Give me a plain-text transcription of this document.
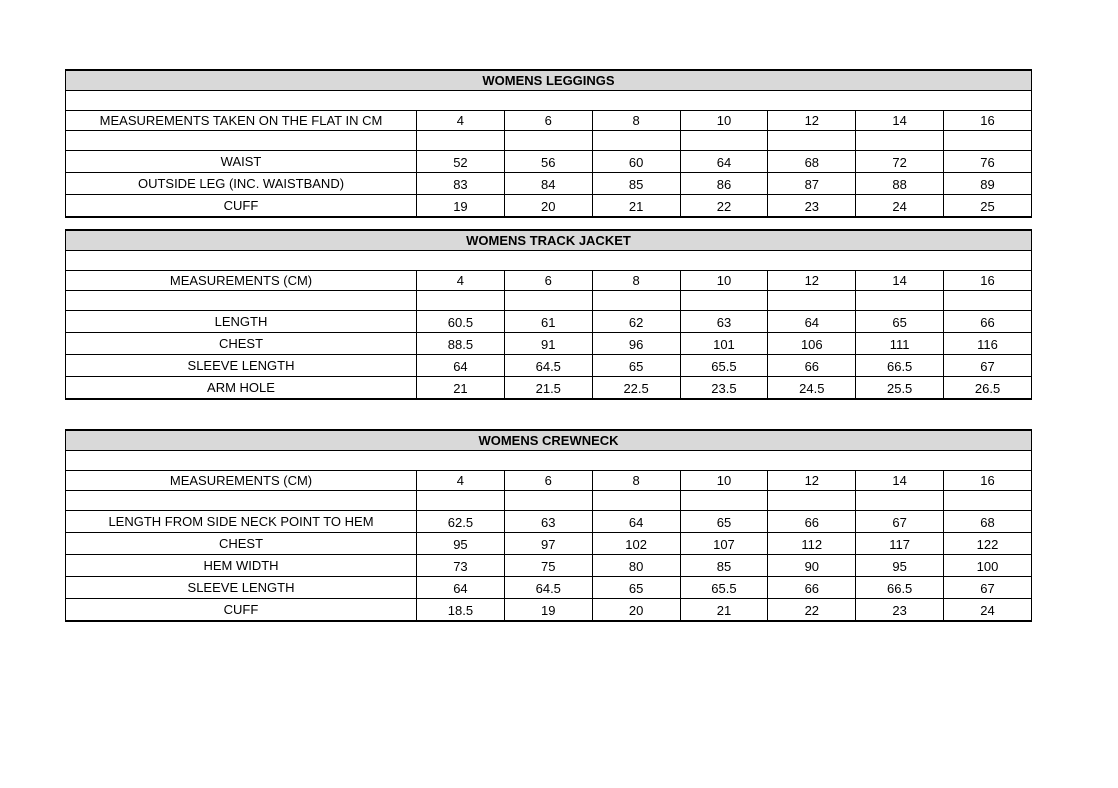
WOMENS LEGGINGS							

MEASUREMENTS TAKEN ON THE FLAT IN CM	4	6	8	10	12	14	16

WAIST	52	56	60	64	68	72	76
OUTSIDE LEG (INC. WAISTBAND)	83	84	85	86	87	88	89
CUFF	19	20	21	22	23	24	25
WOMENS TRACK JACKET							

MEASUREMENTS (CM)	4	6	8	10	12	14	16

LENGTH	60.5	61	62	63	64	65	66
CHEST	88.5	91	96	101	106	111	116
SLEEVE LENGTH	64	64.5	65	65.5	66	66.5	67
ARM HOLE	21	21.5	22.5	23.5	24.5	25.5	26.5
WOMENS CREWNECK							

MEASUREMENTS (CM)	4	6	8	10	12	14	16

LENGTH FROM SIDE NECK POINT TO HEM	62.5	63	64	65	66	67	68
CHEST	95	97	102	107	112	117	122
HEM WIDTH	73	75	80	85	90	95	100
SLEEVE LENGTH	64	64.5	65	65.5	66	66.5	67
CUFF	18.5	19	20	21	22	23	24
